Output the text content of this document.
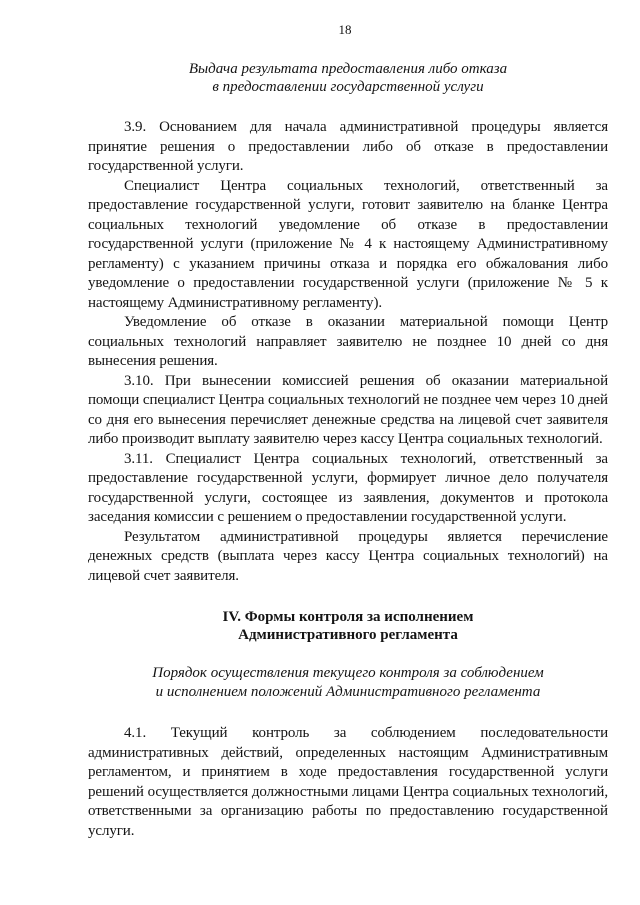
18
Выдача результата предоставления либо отказа
в предоставлении государственной услуги

3.9. Основанием для начала административной процедуры является принятие решения о предоставлении либо об отказе в предоставлении государственной услуги.

Специалист Центра социальных технологий, ответственный за предоставление государственной услуги, готовит заявителю на бланке Центра социальных технологий уведомление об отказе в предоставлении государственной услуги (приложение № 4 к настоящему Административному регламенту) с указанием причины отказа и порядка его обжалования либо уведомление о предоставлении государственной услуги (приложение № 5 к настоящему Административному регламенту).

Уведомление об отказе в оказании материальной помощи Центр социальных технологий направляет заявителю не позднее 10 дней со дня вынесения решения.

3.10. При вынесении комиссией решения об оказании материальной помощи специалист Центра социальных технологий не позднее чем через 10 дней со дня его вынесения перечисляет денежные средства на лицевой счет заявителя либо производит выплату заявителю через кассу Центра социальных технологий.

3.11. Специалист Центра социальных технологий, ответственный за предоставление государственной услуги, формирует личное дело получателя государственной услуги, состоящее из заявления, документов и протокола заседания комиссии с решением о предоставлении государственной услуги.

Результатом административной процедуры является перечисление денежных средств (выплата через кассу Центра социальных технологий) на лицевой счет заявителя.

IV. Формы контроля за исполнением
Административного регламента
Порядок осуществления текущего контроля за соблюдением
и исполнением положений Административного регламента

4.1. Текущий контроль за соблюдением последовательности административных действий, определенных настоящим Административным регламентом, и принятием в ходе предоставления государственной услуги решений осуществляется должностными лицами Центра социальных технологий, ответственными за организацию работы по предоставлению государственной услуги.
